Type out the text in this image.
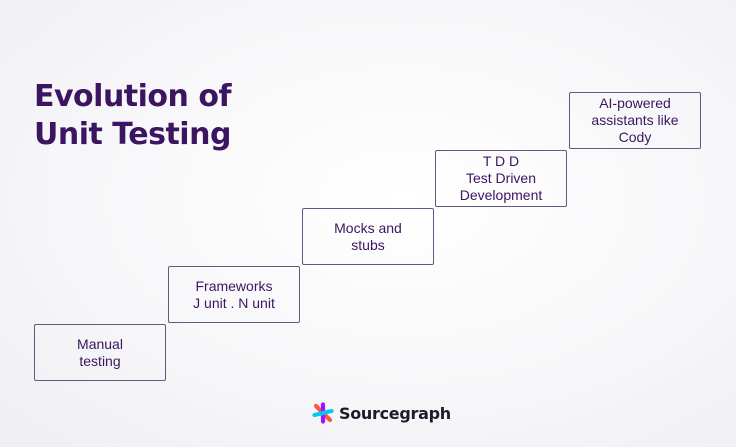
Evolution of
Unit Testing
Manual
testing
Frameworks
J unit . N unit
Mocks and
stubs
T D D
Test Driven
Development
AI-powered
assistants like
Cody
Sourcegraph
